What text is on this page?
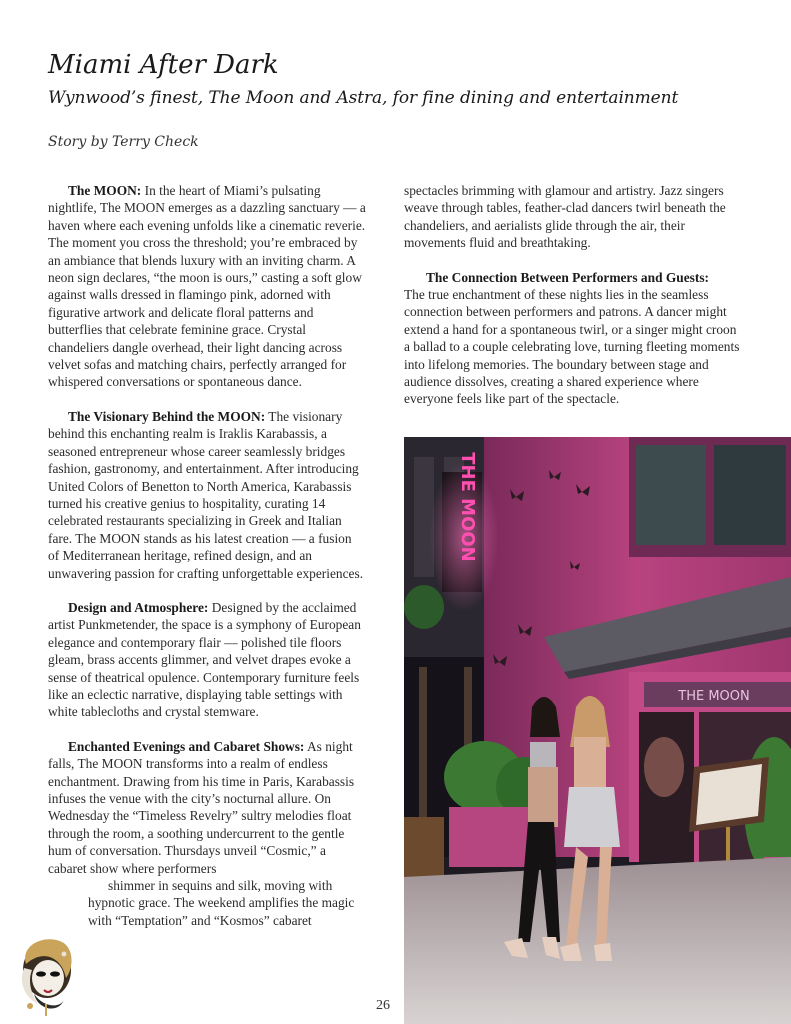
Miami After Dark
Wynwood’s finest, The Moon and Astra, for fine dining and entertainment
Story by Terry Check

The MOON: In the heart of Miami’s pulsating nightlife, The MOON emerges as a dazzling sanctuary — a haven where each evening unfolds like a cinematic reverie. The moment you cross the threshold; you’re embraced by an ambiance that blends luxury with an inviting charm. A neon sign declares, “the moon is ours,” casting a soft glow against walls dressed in flamingo pink, adorned with figurative artwork and delicate floral patterns and butterflies that celebrate feminine grace. Crystal chandeliers dangle overhead, their light dancing across velvet sofas and matching chairs, perfectly arranged for whispered conversations or spontaneous dance.

The Visionary Behind the MOON: The visionary behind this enchanting realm is Iraklis Karabassis, a seasoned entrepreneur whose career seamlessly bridges fashion, gastronomy, and entertainment. After introducing United Colors of Benetton to North America, Karabassis turned his creative genius to hospitality, curating 14 celebrated restaurants specializing in Greek and Italian fare. The MOON stands as his latest creation — a fusion of Mediterranean heritage, refined design, and an unwavering passion for crafting unforgettable experiences.

Design and Atmosphere: Designed by the acclaimed artist Punkmetender, the space is a symphony of European elegance and contemporary flair — polished tile floors gleam, brass accents glimmer, and velvet drapes evoke a sense of theatrical opulence. Contemporary furniture feels like an eclectic narrative, displaying table settings with white tablecloths and crystal stemware.

Enchanted Evenings and Cabaret Shows: As night falls, The MOON transforms into a realm of endless enchantment. Drawing from his time in Paris, Karabassis infuses the venue with the city’s nocturnal allure. On Wednesday the “Timeless Revelry” sultry melodies float through the room, a soothing undercurrent to the gentle hum of conversation. Thursdays unveil “Cosmic,” a cabaret show where performers
shimmer in sequins and silk, moving with hypnotic grace. The weekend amplifies the magic with “Temptation” and “Kosmos” cabaret

spectacles brimming with glamour and artistry. Jazz singers weave through tables, feather-clad dancers twirl beneath the chandeliers, and aerialists glide through the air, their movements fluid and breathtaking.

The Connection Between Performers and Guests:
The true enchantment of these nights lies in the seamless connection between performers and patrons. A dancer might extend a hand for a spontaneous twirl, or a singer might croon a ballad to a couple celebrating love, turning fleeting moments into lifelong memories. The boundary between stage and audience dissolves, creating a shared experience where everyone feels like part of the spectacle.

26
THE MOON
THE MOON
